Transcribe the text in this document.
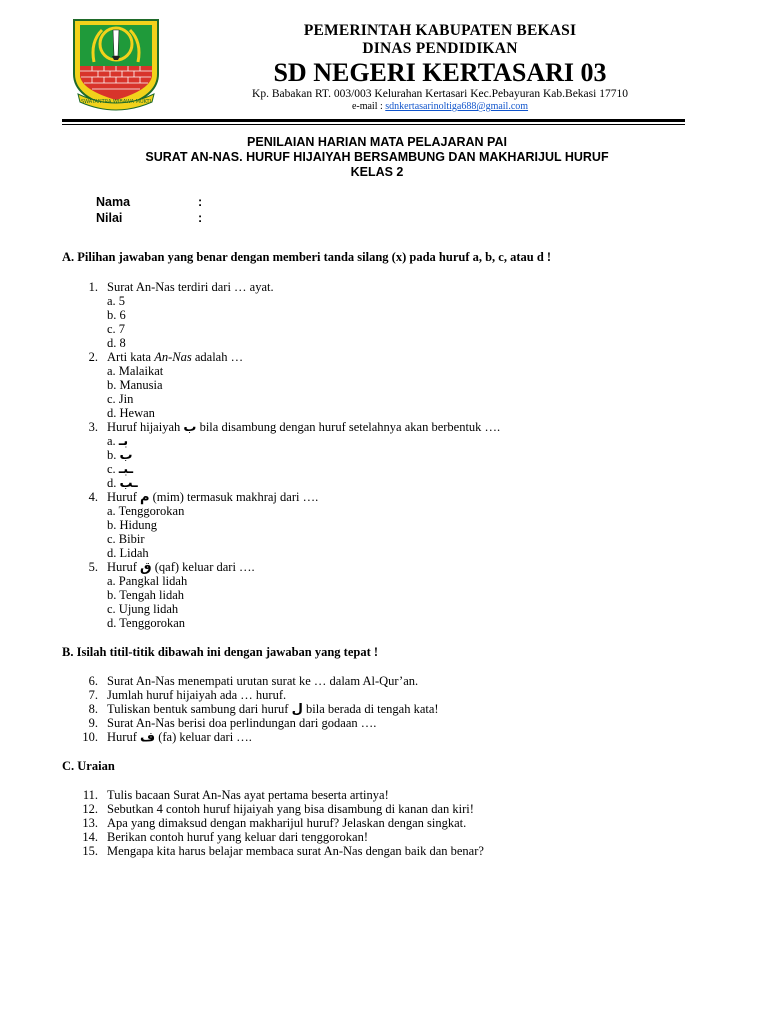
SWATANTRA WIBAWA MUKTI
PEMERINTAH KABUPATEN BEKASI
DINAS PENDIDIKAN
SD NEGERI KERTASARI 03
Kp. Babakan RT. 003/003 Kelurahan Kertasari Kec.Pebayuran Kab.Bekasi 17710
e-mail : sdnkertasarinoltiga688@gmail.com
PENILAIAN HARIAN MATA PELAJARAN PAI
SURAT AN-NAS. HURUF HIJAIYAH BERSAMBUNG DAN MAKHARIJUL HURUF
KELAS 2
Nama	:
Nilai	:
A. Pilihan jawaban yang benar dengan memberi tanda silang (x) pada huruf a, b, c, atau d !
1. Surat An-Nas terdiri dari … ayat.
a. 5
b. 6
c. 7
d. 8
2. Arti kata An-Nas adalah …
a. Malaikat
b. Manusia
c. Jin
d. Hewan
3. Huruf hijaiyah ب bila disambung dengan huruf setelahnya akan berbentuk ….
a. بـ
b. ب
c. ـبـ
d. ـب
4. Huruf م (mim) termasuk makhraj dari ….
a. Tenggorokan
b. Hidung
c. Bibir
d. Lidah
5. Huruf ق (qaf) keluar dari ….
a. Pangkal lidah
b. Tengah lidah
c. Ujung lidah
d. Tenggorokan
B. Isilah titil-titik dibawah ini dengan jawaban yang tepat !
6. Surat An-Nas menempati urutan surat ke … dalam Al-Qur’an.
7. Jumlah huruf hijaiyah ada … huruf.
8. Tuliskan bentuk sambung dari huruf ل bila berada di tengah kata!
9. Surat An-Nas berisi doa perlindungan dari godaan ….
10. Huruf ف (fa) keluar dari ….
C. Uraian
11. Tulis bacaan Surat An-Nas ayat pertama beserta artinya!
12. Sebutkan 4 contoh huruf hijaiyah yang bisa disambung di kanan dan kiri!
13. Apa yang dimaksud dengan makharijul huruf? Jelaskan dengan singkat.
14. Berikan contoh huruf yang keluar dari tenggorokan!
15. Mengapa kita harus belajar membaca surat An-Nas dengan baik dan benar?
